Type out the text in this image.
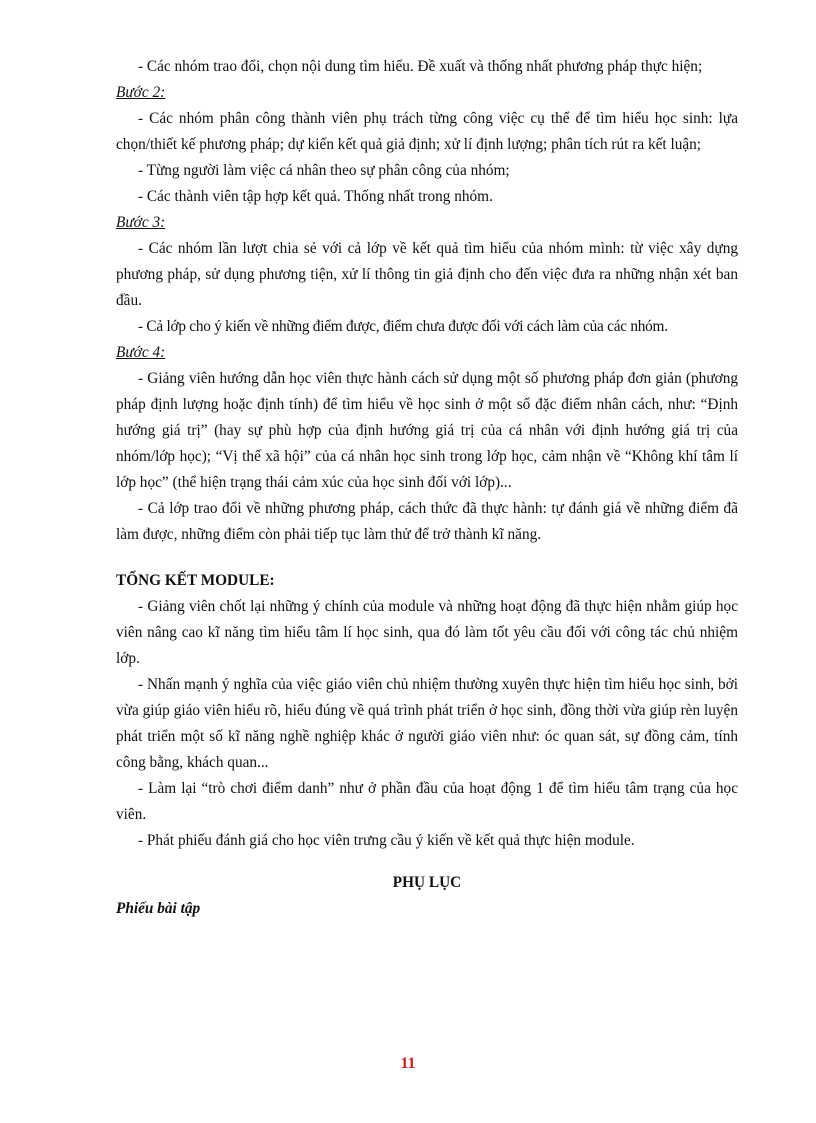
- Các nhóm trao đổi, chọn nội dung tìm hiểu. Đề xuất và thống nhất phương pháp thực hiện;

Bước 2:

- Các nhóm phân công thành viên phụ trách từng công việc cụ thể để tìm hiểu học sinh: lựa chọn/thiết kế phương pháp; dự kiến kết quả giả định; xử lí định lượng; phân tích rút ra kết luận;

- Từng người làm việc cá nhân theo sự phân công của nhóm;

- Các thành viên tập hợp kết quả. Thống nhất trong nhóm.

Bước 3:

- Các nhóm lần lượt chia sẻ với cả lớp về kết quả tìm hiểu của nhóm mình: từ việc xây dựng phương pháp, sử dụng phương tiện, xử lí thông tin giả định cho đến việc đưa ra những nhận xét ban đầu.

- Cả lớp cho ý kiến về những điểm được, điểm chưa được đối với cách làm của các nhóm.

Bước 4:

- Giảng viên hướng dẫn học viên thực hành cách sử dụng một số phương pháp đơn giản (phương pháp định lượng hoặc định tính) để tìm hiểu về học sinh ở một số đặc điểm nhân cách, như: “Định hướng giá trị” (hay sự phù hợp của định hướng giá trị của cá nhân với định hướng giá trị của nhóm/lớp học); “Vị thế xã hội” của cá nhân học sinh trong lớp học, cảm nhận về “Không khí tâm lí lớp học” (thể hiện trạng thái cảm xúc của học sinh đối với lớp)...

- Cả lớp trao đổi về những phương pháp, cách thức đã thực hành: tự đánh giá về những điểm đã làm được, những điểm còn phải tiếp tục làm thử để trở thành kĩ năng.

TỔNG KẾT MODULE:

- Giảng viên chốt lại những ý chính của module và những hoạt động đã thực hiện nhằm giúp học viên nâng cao kĩ năng tìm hiểu tâm lí học sinh, qua đó làm tốt yêu cầu đối với công tác chủ nhiệm lớp.

- Nhấn mạnh ý nghĩa của việc giáo viên chủ nhiệm thường xuyên thực hiện tìm hiểu học sinh, bởi vừa giúp giáo viên hiểu rõ, hiểu đúng về quá trình phát triển ở học sinh, đồng thời vừa giúp rèn luyện phát triển một số kĩ năng nghề nghiệp khác ở người giáo viên như: óc quan sát, sự đồng cảm, tính công bằng, khách quan...

- Làm lại “trò chơi điểm danh” như ở phần đầu của hoạt động 1 để tìm hiểu tâm trạng của học viên.

- Phát phiếu đánh giá cho học viên trưng cầu ý kiến về kết quả thực hiện module.

PHỤ LỤC

Phiếu bài tập

11
